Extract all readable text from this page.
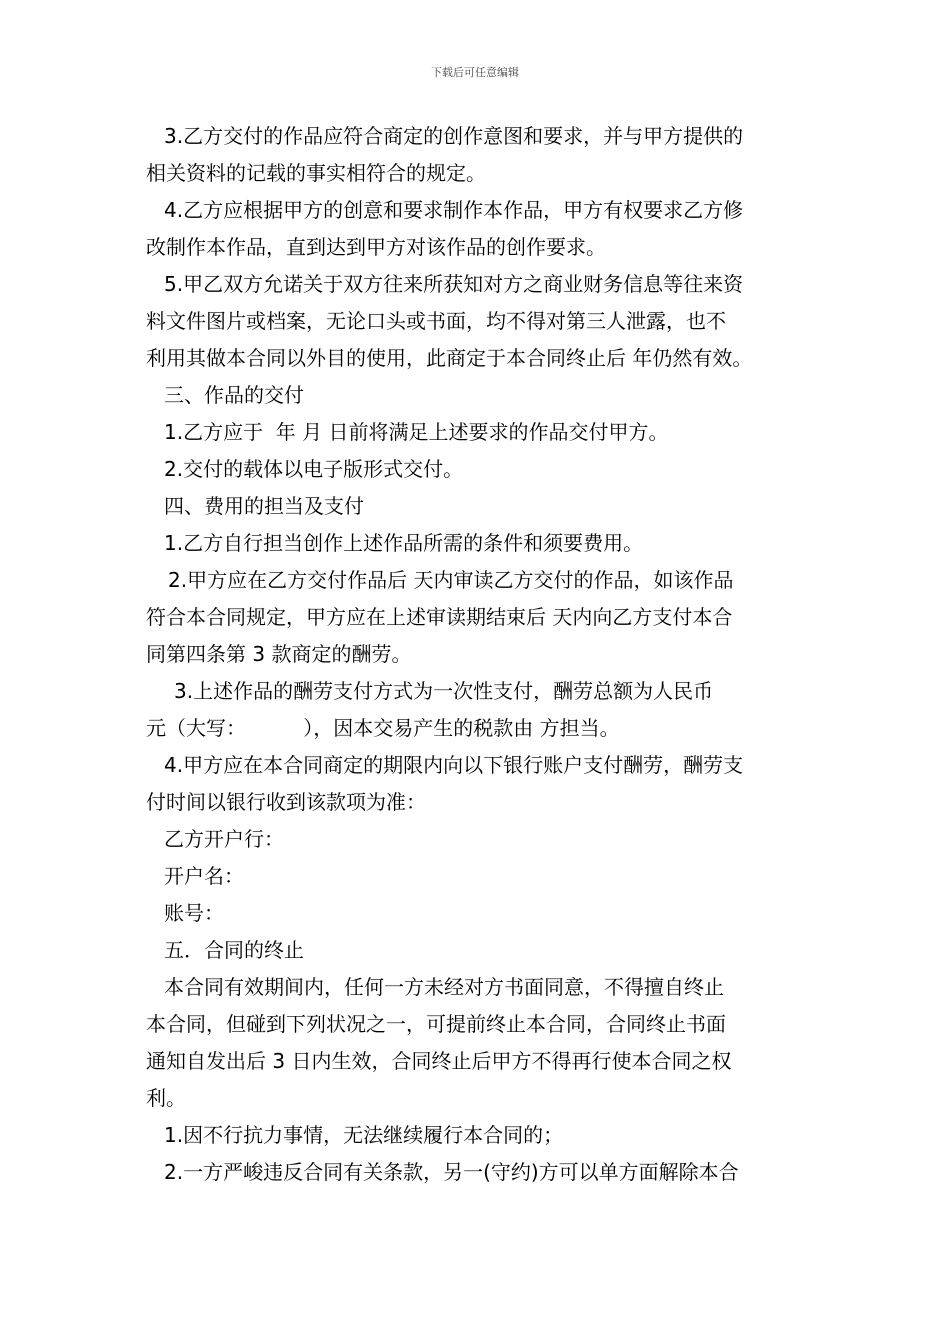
下载后可任意编辑
3.乙方交付的作品应符合商定的创作意图和要求，并与甲方提供的
相关资料的记载的事实相符合的规定。
4.乙方应根据甲方的创意和要求制作本作品，甲方有权要求乙方修
改制作本作品，直到达到甲方对该作品的创作要求。
5.甲乙双方允诺关于双方往来所获知对方之商业财务信息等往来资
料文件图片或档案，无论口头或书面，均不得对第三人泄露，也不
利用其做本合同以外目的使用，此商定于本合同终止后 年仍然有效。
三、作品的交付
1.乙方应于  年 月 日前将满足上述要求的作品交付甲方。
2.交付的载体以电子版形式交付。
四、费用的担当及支付
1.乙方自行担当创作上述作品所需的条件和须要费用。
2.甲方应在乙方交付作品后 天内审读乙方交付的作品，如该作品
符合本合同规定，甲方应在上述审读期结束后 天内向乙方支付本合
同第四条第 3 款商定的酬劳。
3.上述作品的酬劳支付方式为一次性支付，酬劳总额为人民币
元（大写：         ），因本交易产生的税款由 方担当。
4.甲方应在本合同商定的期限内向以下银行账户支付酬劳，酬劳支
付时间以银行收到该款项为准：
乙方开户行：
开户名：
账号：
五．合同的终止
本合同有效期间内，任何一方未经对方书面同意，不得擅自终止
本合同，但碰到下列状况之一，可提前终止本合同，合同终止书面
通知自发出后 3 日内生效，合同终止后甲方不得再行使本合同之权
利。
1.因不行抗力事情，无法继续履行本合同的；
2.一方严峻违反合同有关条款，另一(守约)方可以单方面解除本合
